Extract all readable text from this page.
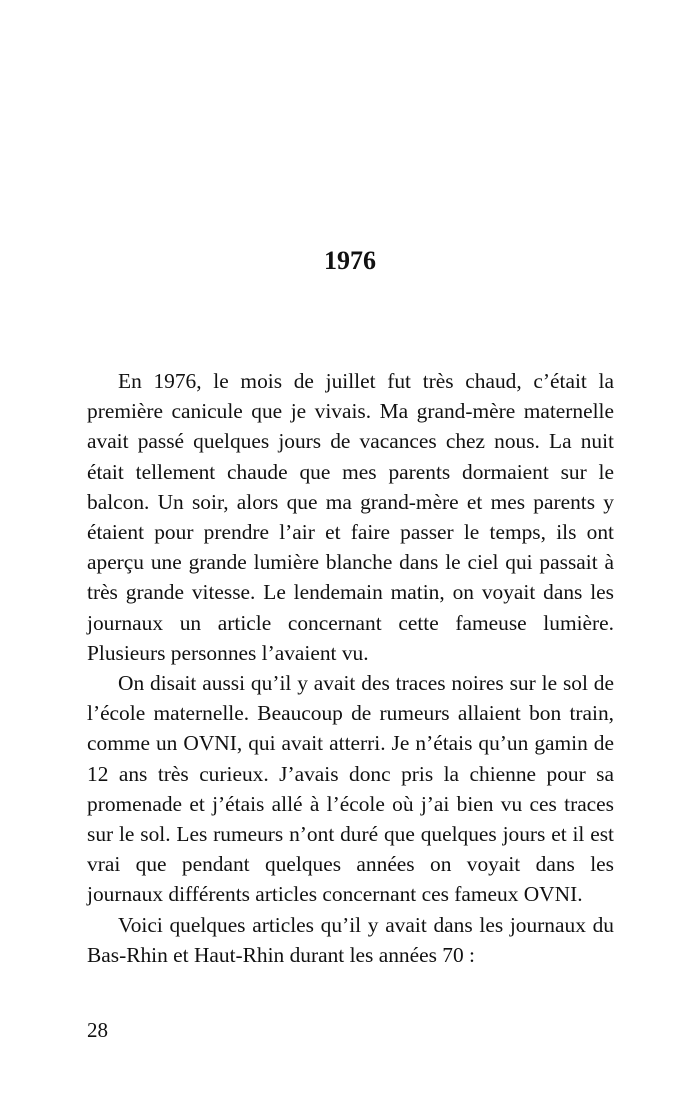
1976

En 1976, le mois de juillet fut très chaud, c’était la première canicule que je vivais. Ma grand-mère maternelle avait passé quelques jours de vacances chez nous. La nuit était tellement chaude que mes parents dormaient sur le balcon. Un soir, alors que ma grand-mère et mes parents y étaient pour prendre l’air et faire passer le temps, ils ont aperçu une grande lumière blanche dans le ciel qui passait à très grande vitesse. Le lendemain matin, on voyait dans les journaux un article concernant cette fameuse lumière. Plusieurs personnes l’avaient vu.

On disait aussi qu’il y avait des traces noires sur le sol de l’école maternelle. Beaucoup de rumeurs allaient bon train, comme un OVNI, qui avait atterri. Je n’étais qu’un gamin de 12 ans très curieux. J’avais donc pris la chienne pour sa promenade et j’étais allé à l’école où j’ai bien vu ces traces sur le sol. Les rumeurs n’ont duré que quelques jours et il est vrai que pendant quelques années on voyait dans les journaux différents articles concernant ces fameux OVNI.

Voici quelques articles qu’il y avait dans les journaux du Bas-Rhin et Haut-Rhin durant les années 70 :

28
